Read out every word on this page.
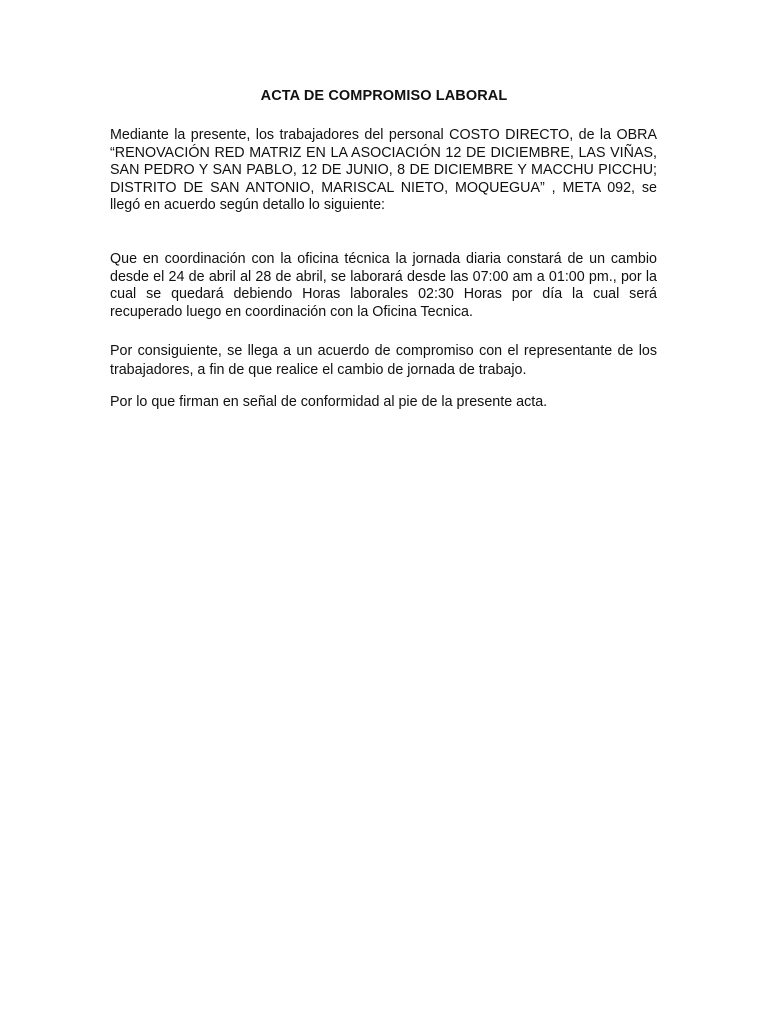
ACTA DE COMPROMISO LABORAL

Mediante la presente, los trabajadores del personal COSTO DIRECTO, de la OBRA “RENOVACIÓN RED MATRIZ EN LA ASOCIACIÓN 12 DE DICIEMBRE, LAS VIÑAS, SAN PEDRO Y SAN PABLO, 12 DE JUNIO, 8 DE DICIEMBRE Y MACCHU PICCHU; DISTRITO DE SAN ANTONIO, MARISCAL NIETO, MOQUEGUA” , META 092, se llegó en acuerdo según detallo lo siguiente:

Que en coordinación con la oficina técnica la jornada diaria constará de un cambio desde el 24 de abril al 28 de abril, se laborará desde las 07:00 am a 01:00 pm., por la cual se quedará debiendo Horas laborales 02:30 Horas por día la cual será recuperado luego en coordinación con la Oficina Tecnica.

Por consiguiente, se llega a un acuerdo de compromiso con el representante de los trabajadores, a fin de que realice el cambio de jornada de trabajo.

Por lo que firman en señal de conformidad al pie de la presente acta.
